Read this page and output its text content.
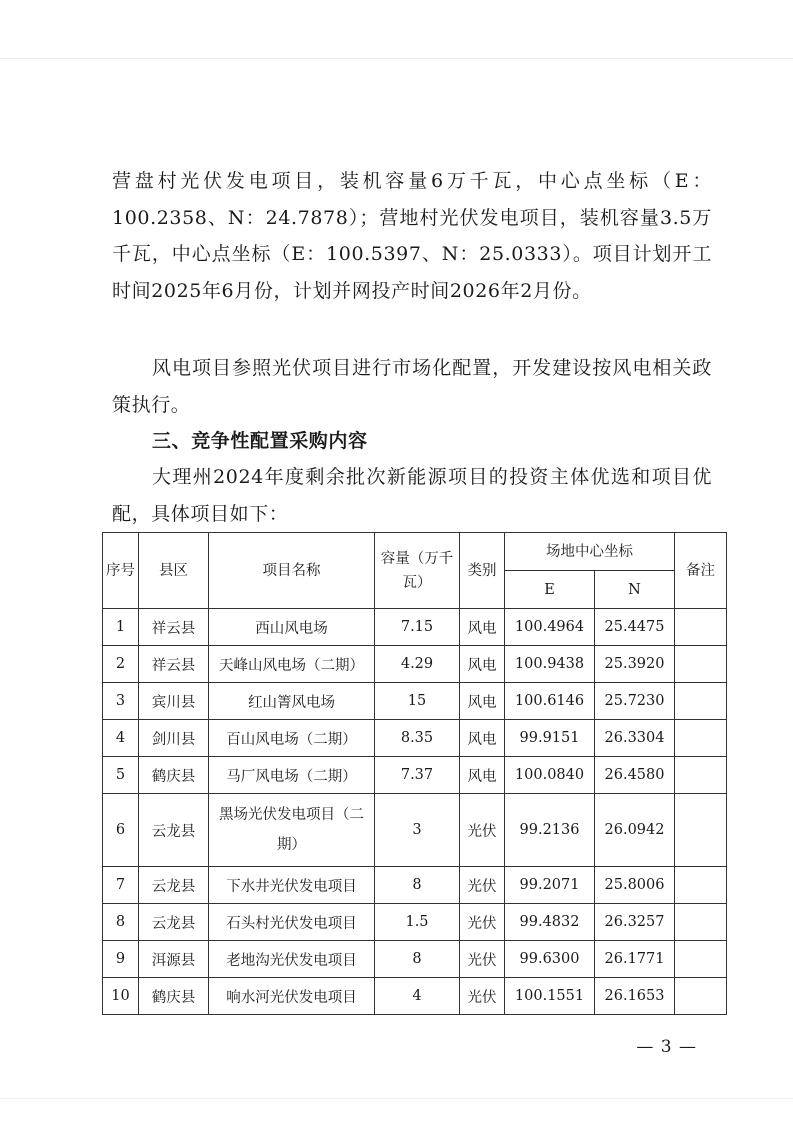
营盘村光伏发电项目，装机容量6万千瓦，中心点坐标（E：100.2358、N：24.7878）；营地村光伏发电项目，装机容量3.5万千瓦，中心点坐标（E：100.5397、N：25.0333）。项目计划开工时间2025年6月份，计划并网投产时间2026年2月份。

风电项目参照光伏项目进行市场化配置，开发建设按风电相关政策执行。

三、竞争性配置采购内容

大理州2024年度剩余批次新能源项目的投资主体优选和项目优配，具体项目如下：

序号	县区	项目名称	容量（万千瓦）	类别	场地中心坐标		备注
					E	N	
1	祥云县	西山风电场	7.15	风电	100.4964	25.4475	
2	祥云县	天峰山风电场（二期）	4.29	风电	100.9438	25.3920	
3	宾川县	红山箐风电场	15	风电	100.6146	25.7230	
4	剑川县	百山风电场（二期）	8.35	风电	99.9151	26.3304	
5	鹤庆县	马厂风电场（二期）	7.37	风电	100.0840	26.4580	
6	云龙县	黑场光伏发电项目（二期）	3	光伏	99.2136	26.0942	
7	云龙县	下水井光伏发电项目	8	光伏	99.2071	25.8006	
8	云龙县	石头村光伏发电项目	1.5	光伏	99.4832	26.3257	
9	洱源县	老地沟光伏发电项目	8	光伏	99.6300	26.1771	
10	鹤庆县	响水河光伏发电项目	4	光伏	100.1551	26.1653	
— 3 —
